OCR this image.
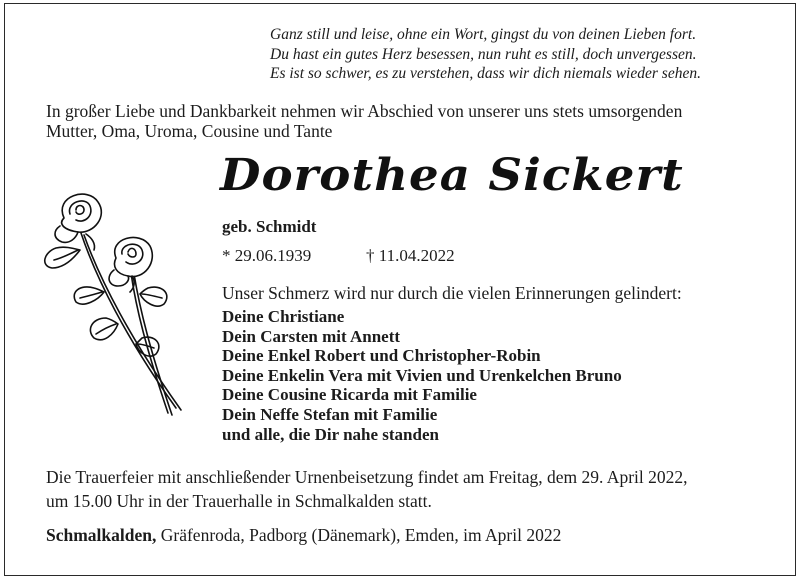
Ganz still und leise, ohne ein Wort, gingst du von deinen Lieben fort.
Du hast ein gutes Herz besessen, nun ruht es still, doch unvergessen.
Es ist so schwer, es zu verstehen, dass wir dich niemals wieder sehen.
In großer Liebe und Dankbarkeit nehmen wir Abschied von unserer uns stets umsorgenden
Mutter, Oma, Uroma, Cousine und Tante
Dorothea Sickert
geb. Schmidt
* 29.06.1939	† 11.04.2022
Unser Schmerz wird nur durch die vielen Erinnerungen gelindert:
Deine Christiane
Dein Carsten mit Annett
Deine Enkel Robert und Christopher-Robin
Deine Enkelin Vera mit Vivien und Urenkelchen Bruno
Deine Cousine Ricarda mit Familie
Dein Neffe Stefan mit Familie
und alle, die Dir nahe standen
Die Trauerfeier mit anschließender Urnenbeisetzung findet am Freitag, dem 29. April 2022,
um 15.00 Uhr in der Trauerhalle in Schmalkalden statt.
Schmalkalden, Gräfenroda, Padborg (Dänemark), Emden, im April 2022
